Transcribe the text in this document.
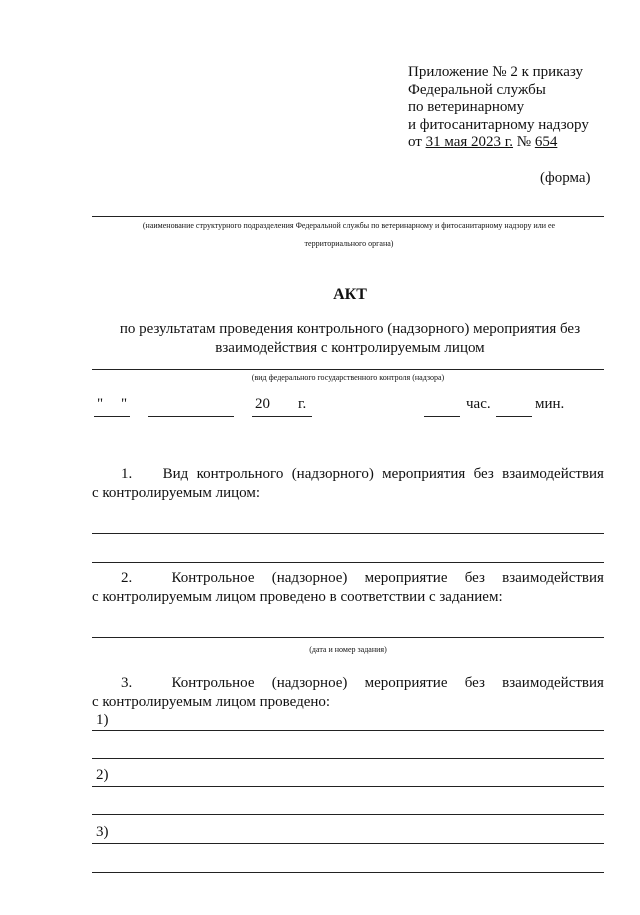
Приложение № 2 к приказу
Федеральной службы
по ветеринарному
и фитосанитарному надзору
от 31 мая 2023 г. № 654
(форма)
(наименование структурного подразделения Федеральной службы по ветеринарному и фитосанитарному надзору или ее
территориального органа)
АКТ
по результатам проведения контрольного (надзорного) мероприятия без
взаимодействия с контролируемым лицом
(вид федерального государственного контроля (надзора)
" "	20 г.	час.	мин.
1. Вид контрольного (надзорного) мероприятия без взаимодействия
с контролируемым лицом:
2.	Контрольное (надзорное) мероприятие без взаимодействия
с контролируемым лицом проведено в соответствии с заданием:
(дата и номер задания)
3.	Контрольное (надзорное) мероприятие без взаимодействия
с контролируемым лицом проведено:
1)
2)
3)
